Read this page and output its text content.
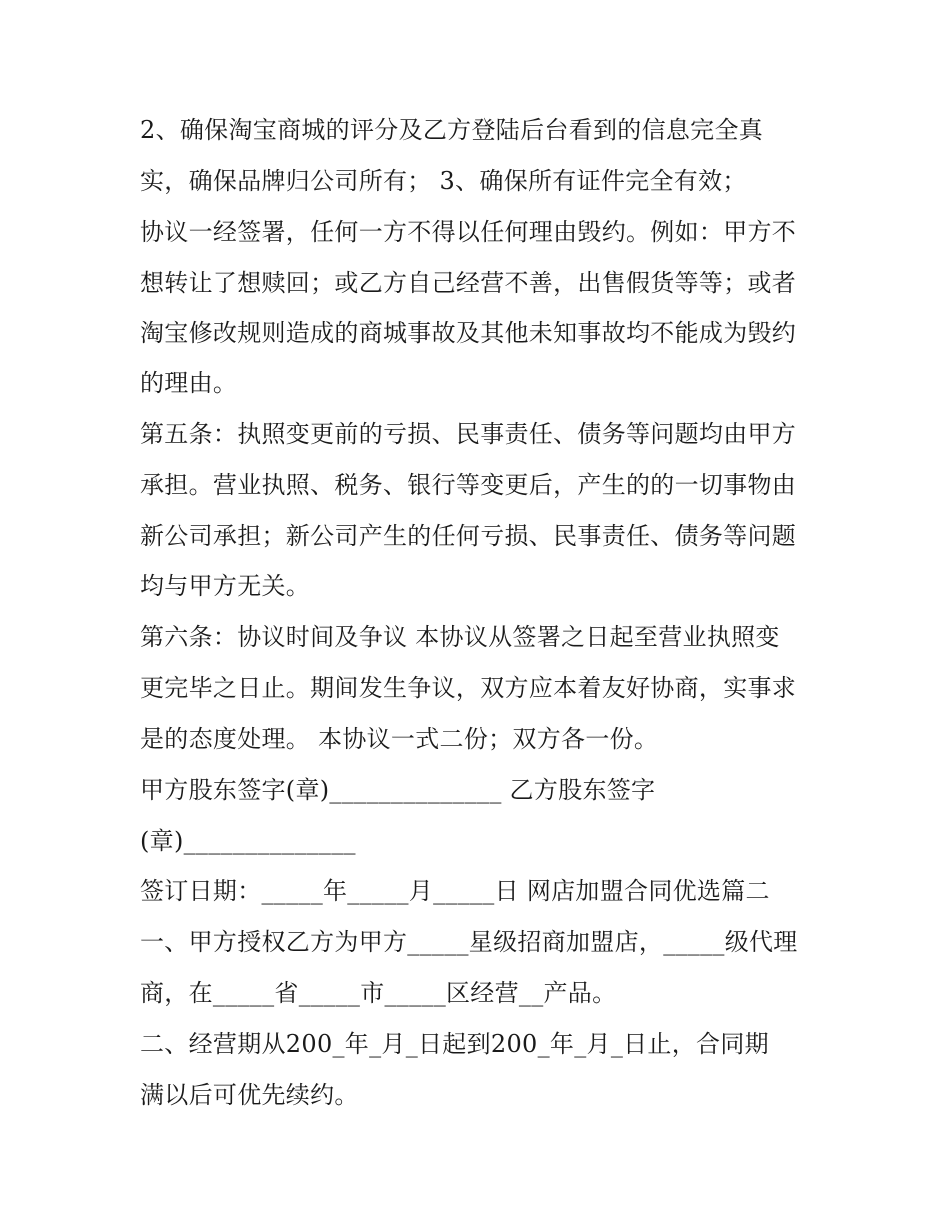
2、确保淘宝商城的评分及乙方登陆后台看到的信息完全真
实，确保品牌归公司所有； 3、确保所有证件完全有效；
协议一经签署，任何一方不得以任何理由毁约。例如：甲方不
想转让了想赎回；或乙方自己经营不善，出售假货等等；或者
淘宝修改规则造成的商城事故及其他未知事故均不能成为毁约
的理由。
第五条：执照变更前的亏损、民事责任、债务等问题均由甲方
承担。营业执照、税务、银行等变更后，产生的的一切事物由
新公司承担；新公司产生的任何亏损、民事责任、债务等问题
均与甲方无关。
第六条：协议时间及争议 本协议从签署之日起至营业执照变
更完毕之日止。期间发生争议，双方应本着友好协商，实事求
是的态度处理。 本协议一式二份；双方各一份。
甲方股东签字(章)______________ 乙方股东签字
(章)______________
签订日期：_____年_____月_____日 网店加盟合同优选篇二
一、甲方授权乙方为甲方_____星级招商加盟店，_____级代理
商，在_____省_____市_____区经营__产品。
二、经营期从200_年_月_日起到200_年_月_日止，合同期
满以后可优先续约。
